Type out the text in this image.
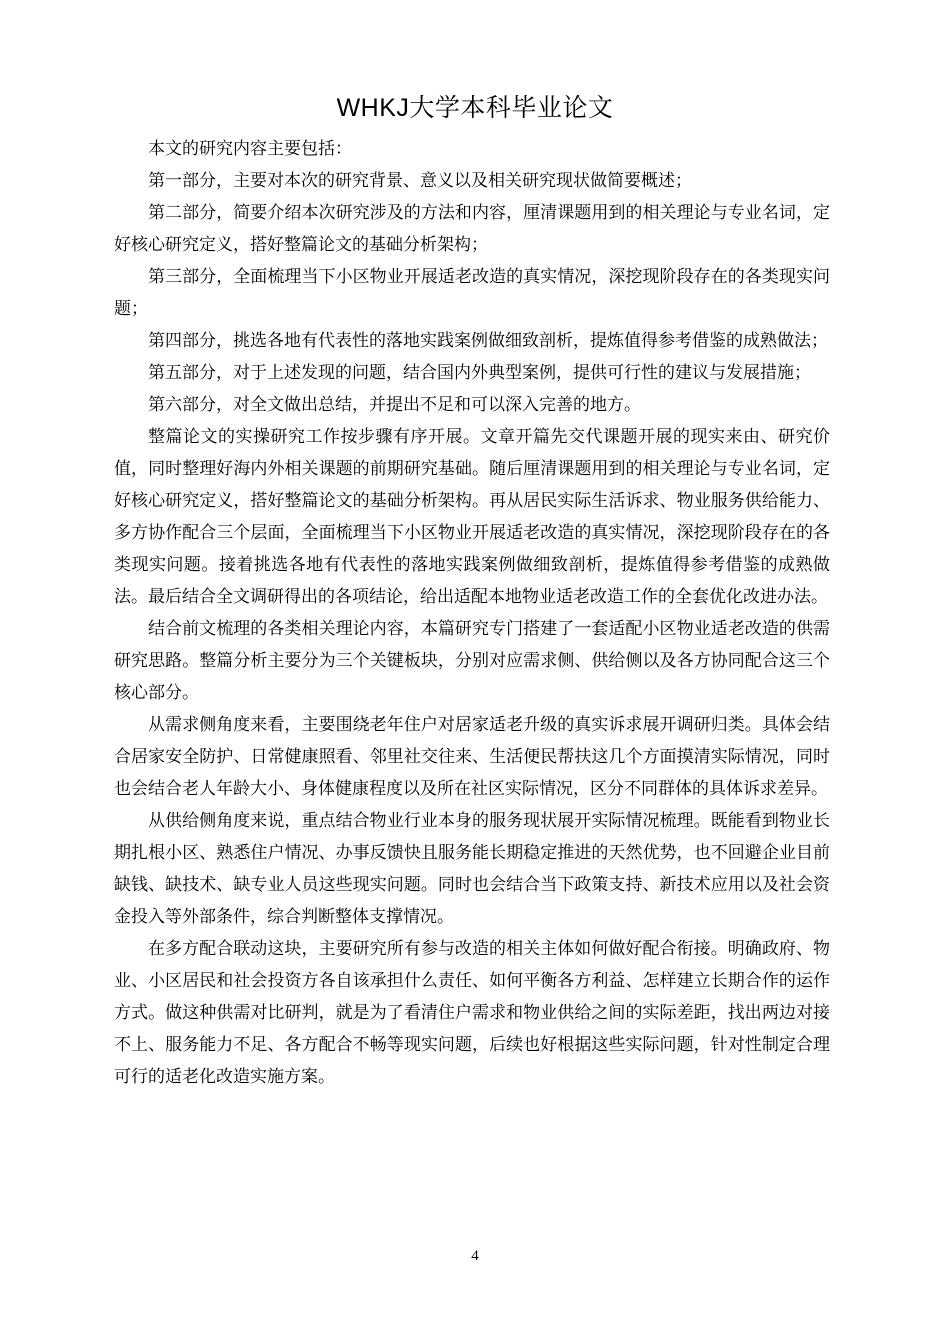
WHKJ大学本科毕业论文

本文的研究内容主要包括：

第一部分，主要对本次的研究背景、意义以及相关研究现状做简要概述；

第二部分，简要介绍本次研究涉及的方法和内容，厘清课题用到的相关理论与专业名词，定好核心研究定义，搭好整篇论文的基础分析架构；

第三部分，全面梳理当下小区物业开展适老改造的真实情况，深挖现阶段存在的各类现实问题；

第四部分，挑选各地有代表性的落地实践案例做细致剖析，提炼值得参考借鉴的成熟做法；

第五部分，对于上述发现的问题，结合国内外典型案例，提供可行性的建议与发展措施；

第六部分，对全文做出总结，并提出不足和可以深入完善的地方。

整篇论文的实操研究工作按步骤有序开展。文章开篇先交代课题开展的现实来由、研究价值，同时整理好海内外相关课题的前期研究基础。随后厘清课题用到的相关理论与专业名词，定好核心研究定义，搭好整篇论文的基础分析架构。再从居民实际生活诉求、物业服务供给能力、多方协作配合三个层面，全面梳理当下小区物业开展适老改造的真实情况，深挖现阶段存在的各类现实问题。接着挑选各地有代表性的落地实践案例做细致剖析，提炼值得参考借鉴的成熟做法。最后结合全文调研得出的各项结论，给出适配本地物业适老改造工作的全套优化改进办法。

结合前文梳理的各类相关理论内容，本篇研究专门搭建了一套适配小区物业适老改造的供需研究思路。整篇分析主要分为三个关键板块，分别对应需求侧、供给侧以及各方协同配合这三个核心部分。

从需求侧角度来看，主要围绕老年住户对居家适老升级的真实诉求展开调研归类。具体会结合居家安全防护、日常健康照看、邻里社交往来、生活便民帮扶这几个方面摸清实际情况，同时也会结合老人年龄大小、身体健康程度以及所在社区实际情况，区分不同群体的具体诉求差异。

从供给侧角度来说，重点结合物业行业本身的服务现状展开实际情况梳理。既能看到物业长期扎根小区、熟悉住户情况、办事反馈快且服务能长期稳定推进的天然优势，也不回避企业目前缺钱、缺技术、缺专业人员这些现实问题。同时也会结合当下政策支持、新技术应用以及社会资金投入等外部条件，综合判断整体支撑情况。

在多方配合联动这块，主要研究所有参与改造的相关主体如何做好配合衔接。明确政府、物业、小区居民和社会投资方各自该承担什么责任、如何平衡各方利益、怎样建立长期合作的运作方式。做这种供需对比研判，就是为了看清住户需求和物业供给之间的实际差距，找出两边对接不上、服务能力不足、各方配合不畅等现实问题，后续也好根据这些实际问题，针对性制定合理可行的适老化改造实施方案。

4
